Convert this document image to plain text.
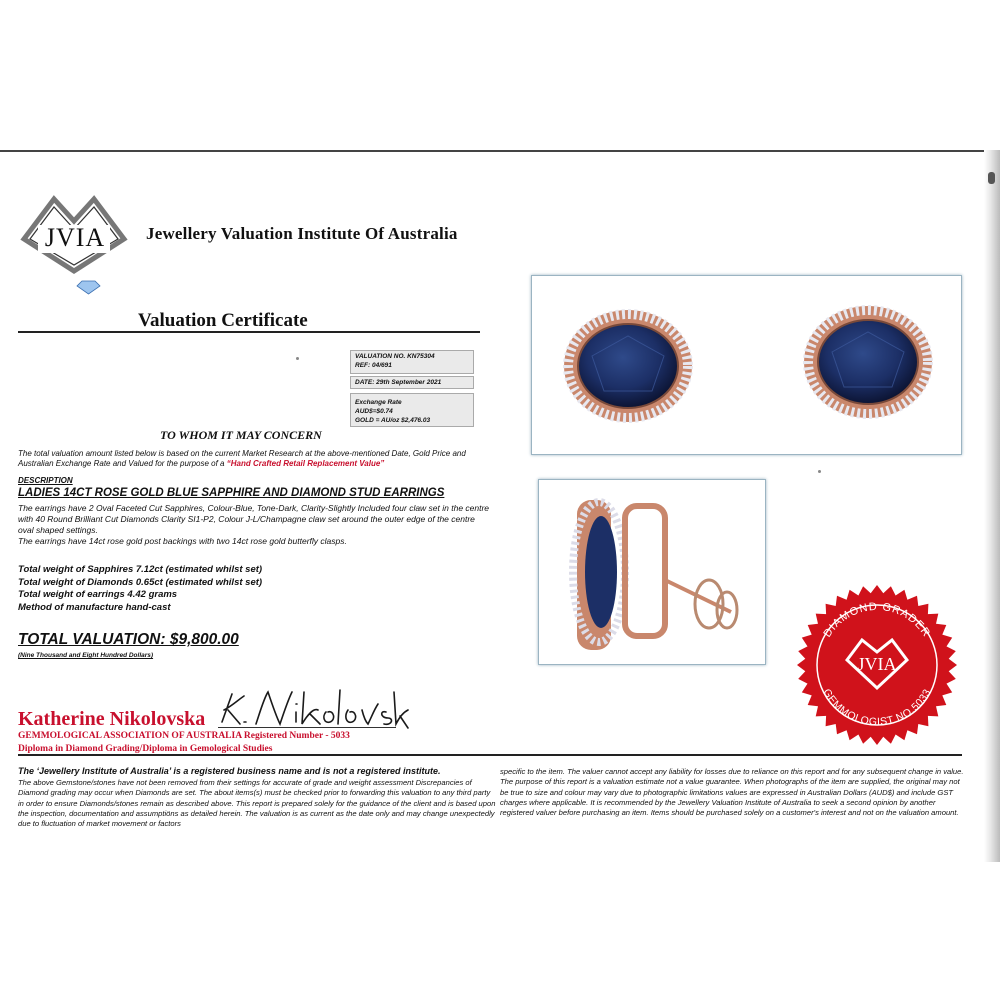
JVIA	Jewellery Valuation Institute Of Australia
Valuation Certificate
VALUATION NO. KN75304
REF: 04/691
DATE: 29th September 2021
Exchange Rate
AUD$=$0.74
GOLD = AU/oz $2,476.03
TO WHOM IT MAY CONCERN
The total valuation amount listed below is based on the current Market Research at the above-mentioned Date, Gold Price and Australian Exchange Rate and Valued for the purpose of a “Hand Crafted Retail Replacement Value”
DESCRIPTION
LADIES 14CT ROSE GOLD BLUE SAPPHIRE AND DIAMOND STUD EARRINGS
The earrings have 2 Oval Faceted Cut Sapphires, Colour-Blue, Tone-Dark, Clarity-Slightly Included four claw set in the centre with 40 Round Brilliant Cut Diamonds Clarity SI1-P2, Colour J-L/Champagne claw set around the outer edge of the centre oval shaped settings.
The earrings have 14ct rose gold post backings with two 14ct rose gold butterfly clasps.
Total weight of Sapphires 7.12ct (estimated whilst set)
Total weight of Diamonds 0.65ct (estimated whilst set)
Total weight of earrings 4.42 grams
Method of manufacture hand-cast
TOTAL VALUATION: $9,800.00
(Nine Thousand and Eight Hundred Dollars)
Katherine Nikolovska
GEMMOLOGICAL ASSOCIATION OF AUSTRALIA Registered Number - 5033
Diploma in Diamond Grading/Diploma in Gemological Studies
DIAMOND GRADER
GEMMOLOGIST NO.5033
JVIA
The ‘Jewellery Institute of Australia’ is a registered business name and is not a registered institute.
The above Gemstone/stones have not been removed from their settings for accurate of grade and weight assessment Discrepancies of Diamond grading may occur when Diamonds are set. The about items(s) must be checked prior to forwarding this valuation to any third party in order to ensure Diamonds/stones remain as described above. This report is prepared solely for the guidance of the client and is based upon the inspection, documentation and assumptiöns as detailed herein. The valuation is as current as the date only and may change unexpectedly due to fluctuation of market movement or factors
specific to the item. The valuer cannot accept any liability for losses due to reliance on this report and for any subsequent change in value. The purpose of this report is a valuation estimate not a value guarantee. When photographs of the item are supplied, the original may not be true to size and colour may vary due to photographic limitations values are expressed in Australian Dollars (AUD$) and include GST charges where applicable. It is recommended by the Jewellery Valuation Institute of Australia to seek a second opinion by another registered valuer before purchasing an item. Items should be purchased solely on a customer's interest and not on the valuation amount.
